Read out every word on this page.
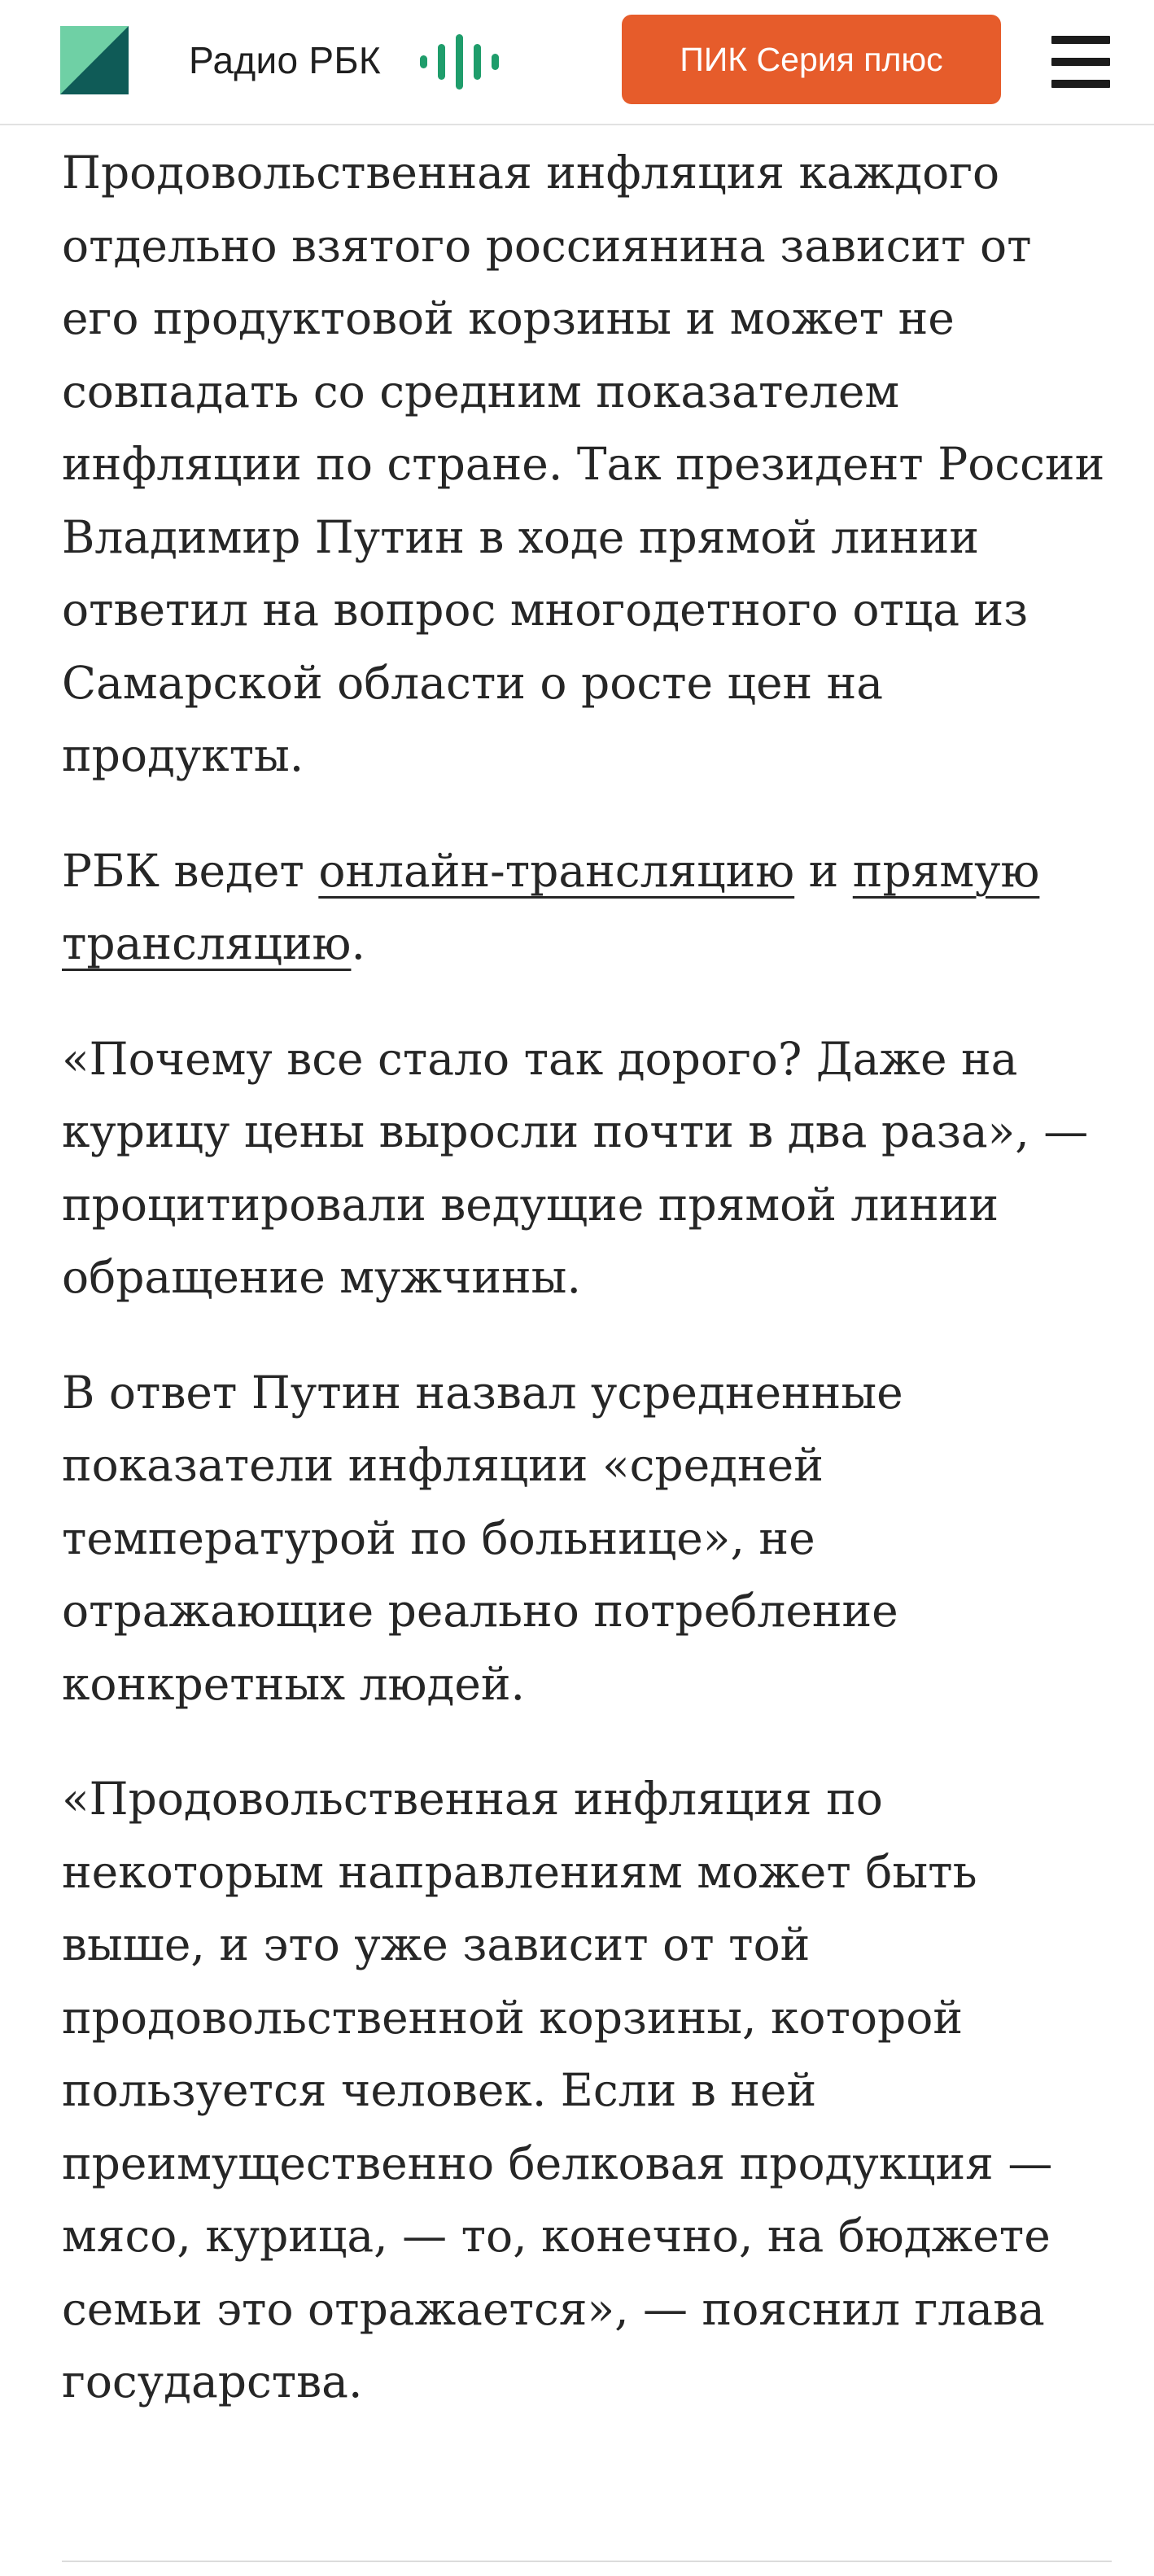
Радио РБК	ПИК Серия плюс

Продовольственная инфляция каждого отдельно взятого россиянина зависит от его продуктовой корзины и может не совпадать со средним показателем инфляции по стране. Так президент России Владимир Путин в ходе прямой линии ответил на вопрос многодетного отца из Самарской области о росте цен на продукты.

РБК ведет онлайн-трансляцию и прямую трансляцию.

«Почему все стало так дорого? Даже на курицу цены выросли почти в два раза», — процитировали ведущие прямой линии обращение мужчины.

В ответ Путин назвал усредненные показатели инфляции «средней температурой по больнице», не отражающие реально потребление конкретных людей.

«Продовольственная инфляция по некоторым направлениям может быть выше, и это уже зависит от той продовольственной корзины, которой пользуется человек. Если в ней преимущественно белковая продукция — мясо, курица, — то, конечно, на бюджете семьи это отражается», — пояснил глава государства.
